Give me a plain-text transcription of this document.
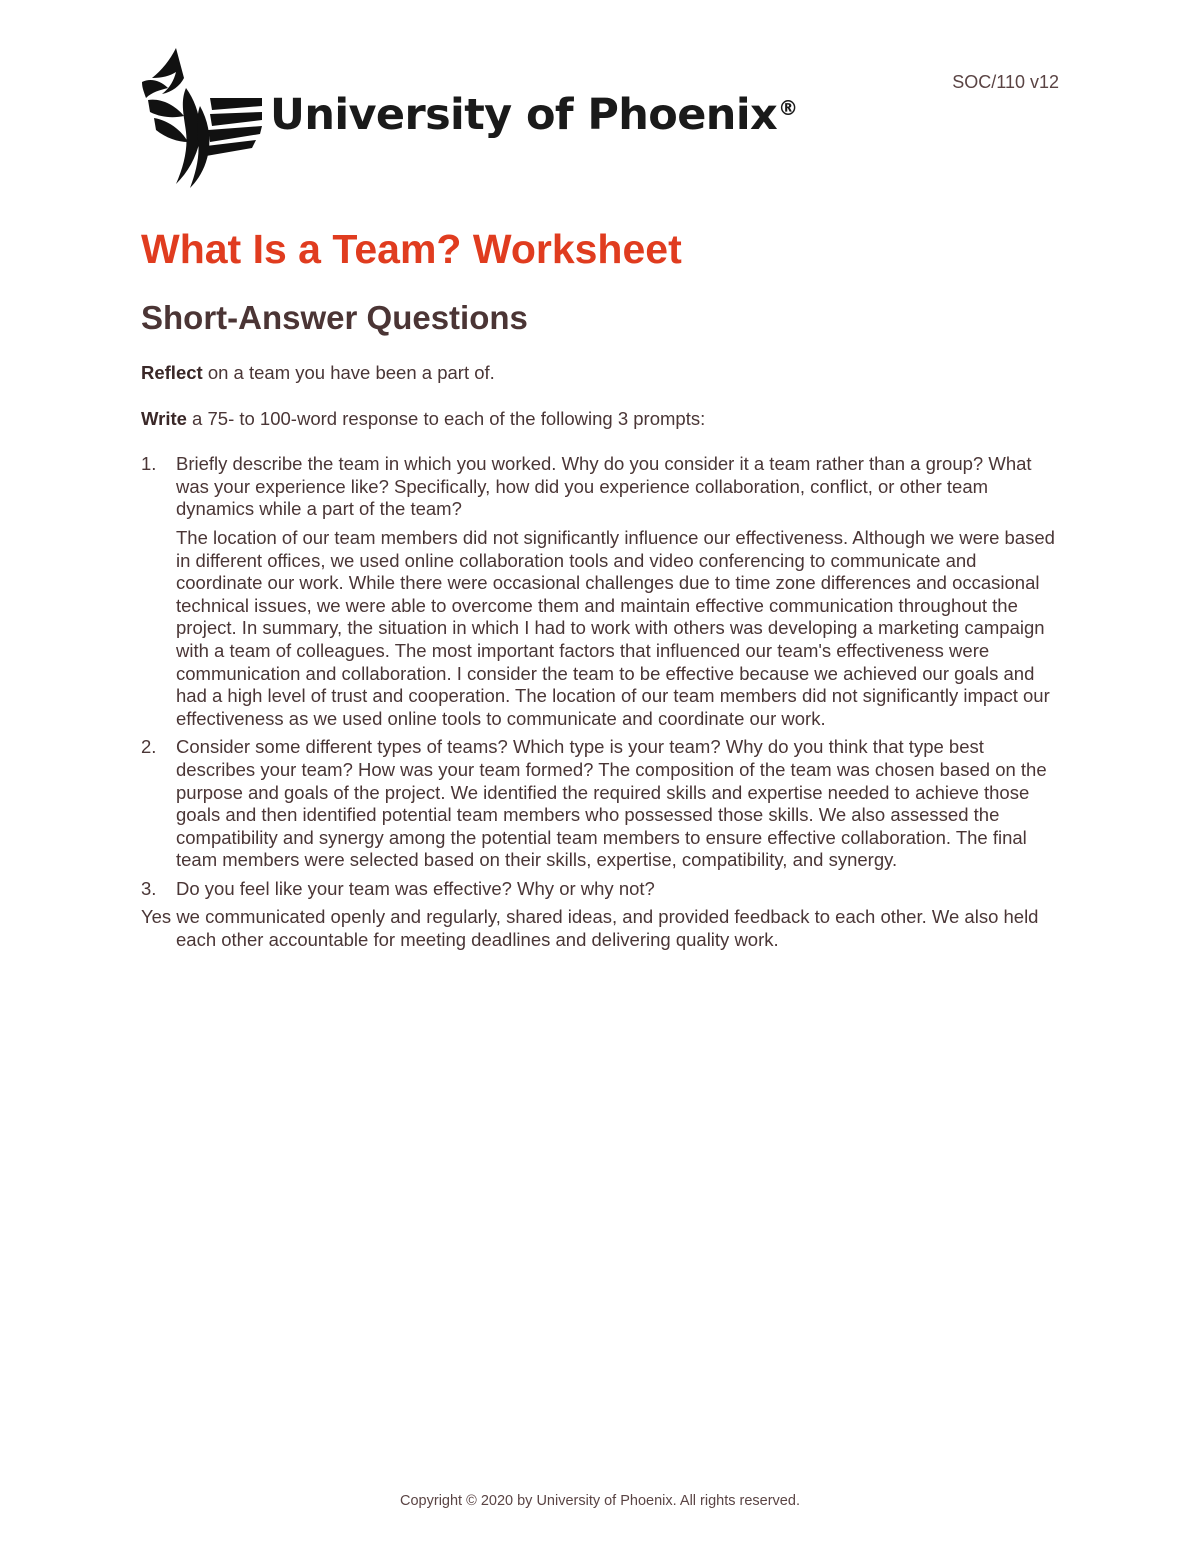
University of Phoenix®
SOC/110 v12
What Is a Team? Worksheet
Short-Answer Questions

Reflect on a team you have been a part of.

Write a 75- to 100-word response to each of the following 3 prompts:

1. Briefly describe the team in which you worked. Why do you consider it a team rather than a group? What was your experience like? Specifically, how did you experience collaboration, conflict, or other team dynamics while a part of the team?

The location of our team members did not significantly influence our effectiveness. Although we were based in different offices, we used online collaboration tools and video conferencing to communicate and coordinate our work. While there were occasional challenges due to time zone differences and occasional technical issues, we were able to overcome them and maintain effective communication throughout the project. In summary, the situation in which I had to work with others was developing a marketing campaign with a team of colleagues. The most important factors that influenced our team's effectiveness were communication and collaboration. I consider the team to be effective because we achieved our goals and had a high level of trust and cooperation. The location of our team members did not significantly impact our effectiveness as we used online tools to communicate and coordinate our work.

2. Consider some different types of teams? Which type is your team? Why do you think that type best describes your team? How was your team formed? The composition of the team was chosen based on the purpose and goals of the project. We identified the required skills and expertise needed to achieve those goals and then identified potential team members who possessed those skills. We also assessed the compatibility and synergy among the potential team members to ensure effective collaboration. The final team members were selected based on their skills, expertise, compatibility, and synergy.

3. Do you feel like your team was effective? Why or why not?

Yes we communicated openly and regularly, shared ideas, and provided feedback to each other. We also held each other accountable for meeting deadlines and delivering quality work.

Copyright © 2020 by University of Phoenix. All rights reserved.
